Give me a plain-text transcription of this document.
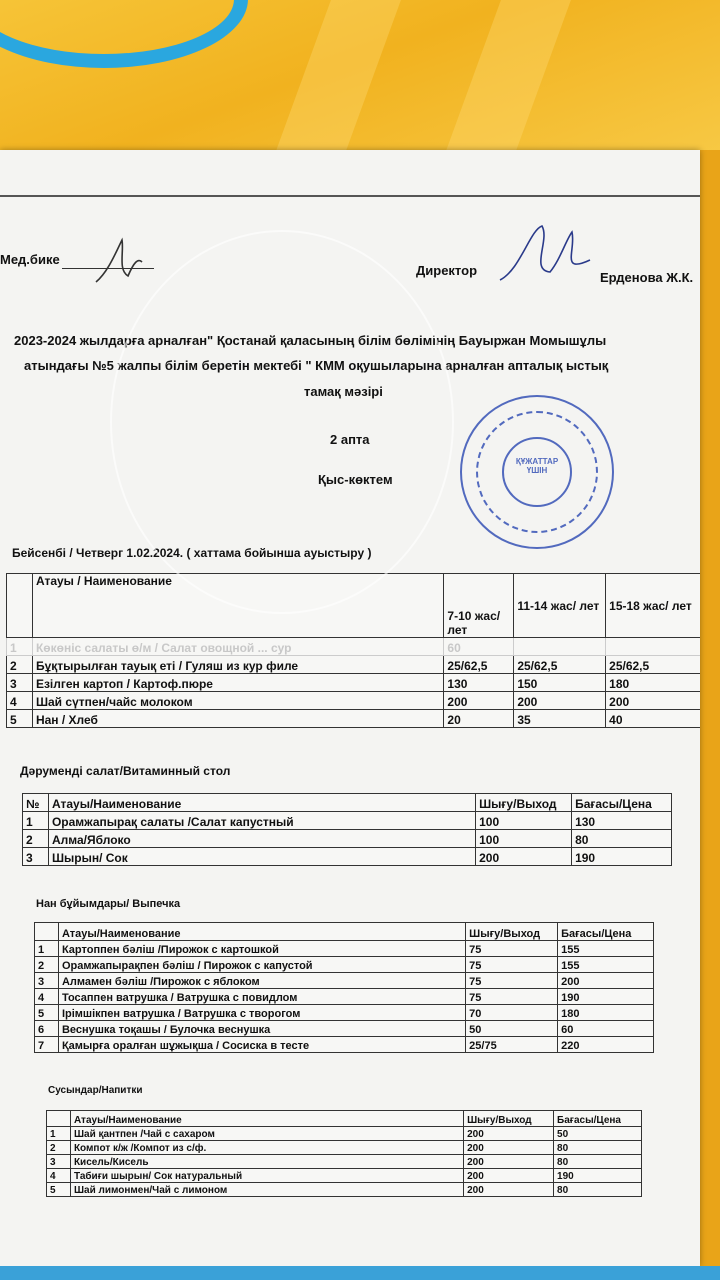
Мед.бике
Директор	Ерденова Ж.К.
ҚҰЖАТТАР ҮШІН
2023-2024 жылдарға арналған" Қостанай қаласының білім бөлімінің Бауыржан Момышұлы
атындағы №5 жалпы білім беретін мектебі " КММ оқушыларына арналған апталық ыстық
тамақ мәзірі
2 апта
Қыс-көктем
Бейсенбі / Четверг 1.02.2024. ( хаттама бойынша ауыстыру )
	Атауы / Наименование	7-10 жас/ лет	11-14 жас/ лет	15-18 жас/ лет
1	Көкөніс салаты ө/м / Салат овощной ... сур	60		
2	Бұқтырылған тауық еті / Гуляш из кур филе	25/62,5	25/62,5	25/62,5
3	Езілген картоп / Картоф.пюре	130	150	180
4	Шай сүтпен/чайс молоком	200	200	200
5	Нан / Хлеб	20	35	40
Дәруменді салат/Витаминный стол
№	Атауы/Наименование	Шығу/Выход	Бағасы/Цена
1	Орамжапырақ салаты /Салат капустный	100	130
2	Алма/Яблоко	100	80
3	Шырын/ Сок	200	190
Нан бұйымдары/ Выпечка
	Атауы/Наименование	Шығу/Выход	Бағасы/Цена
1	Картоппен бәліш /Пирожок с картошкой	75	155
2	Орамжапырақпен бәліш / Пирожок с капустой	75	155
3	Алмамен бәліш /Пирожок с яблоком	75	200
4	Тосаппен ватрушка / Ватрушка с повидлом	75	190
5	Ірімшікпен ватрушка / Ватрушка с творогом	70	180
6	Веснушка тоқашы / Булочка веснушка	50	60
7	Қамырға оралған шұжықша / Сосиска в тесте	25/75	220
Сусындар/Напитки
	Атауы/Наименование	Шығу/Выход	Бағасы/Цена
1	Шай қантпен /Чай с сахаром	200	50
2	Компот к/ж /Компот из с/ф.	200	80
3	Кисель/Кисель	200	80
4	Табиғи шырын/ Сок натуральный	200	190
5	Шай лимонмен/Чай с лимоном	200	80
